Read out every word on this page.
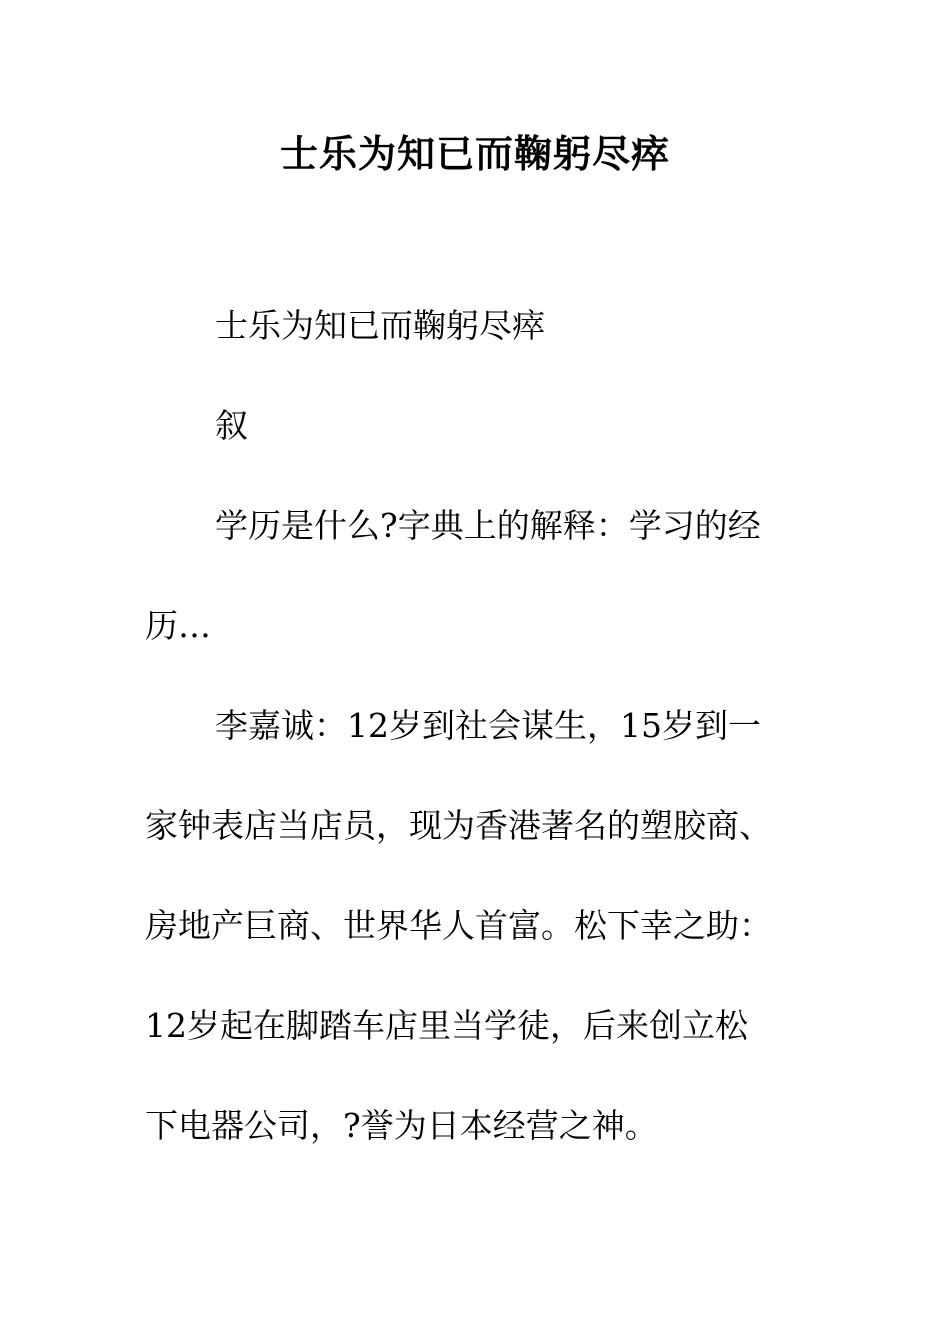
士乐为知已而鞠躬尽瘁
士乐为知已而鞠躬尽瘁
叙
学历是什么?字典上的解释：学习的经
历…
李嘉诚：12岁到社会谋生，15岁到一
家钟表店当店员，现为香港著名的塑胶商、
房地产巨商、世界华人首富。松下幸之助：
12岁起在脚踏车店里当学徒，后来创立松
下电器公司，?誉为日本经营之神。
